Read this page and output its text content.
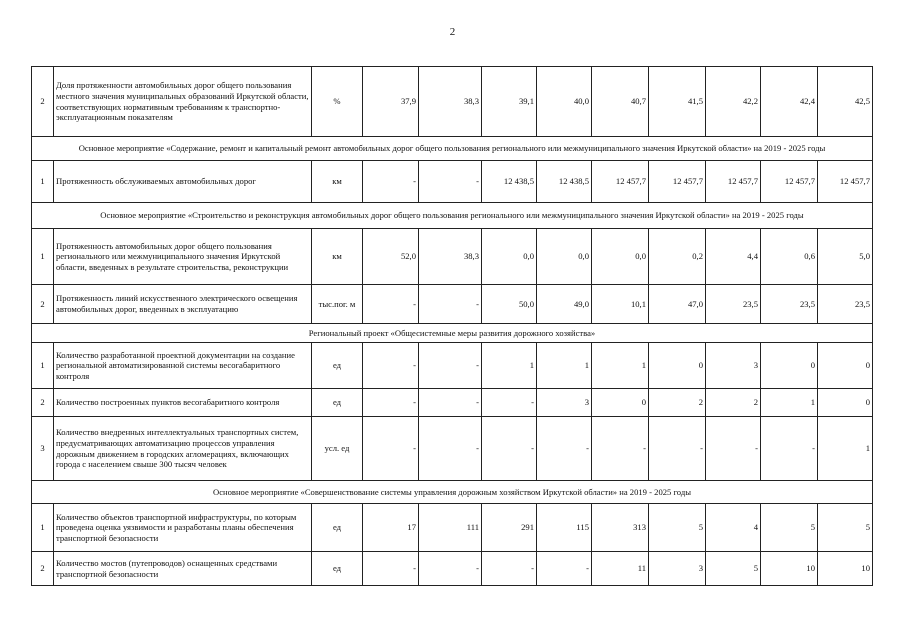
2
2	Доля протяженности автомобильных дорог общего пользования местного значения муниципальных образований Иркутской области, соответствующих нормативным требованиям к транспортно-эксплуатационным показателям	%	37,9	38,3	39,1	40,0	40,7	41,5	42,2	42,4	42,5
Основное мероприятие «Содержание, ремонт и капитальный ремонт автомобильных дорог общего пользования регионального или межмуниципального значения Иркутской области» на 2019 - 2025 годы											
1	Протяженность обслуживаемых автомобильных дорог	км	-	-	12 438,5	12 438,5	12 457,7	12 457,7	12 457,7	12 457,7	12 457,7
Основное мероприятие «Строительство и реконструкция автомобильных дорог общего пользования регионального или межмуниципального значения Иркутской области» на 2019 - 2025 годы											
1	Протяженность автомобильных дорог общего пользования регионального или межмуниципального значения Иркутской области, введенных в результате строительства, реконструкции	км	52,0	38,3	0,0	0,0	0,0	0,2	4,4	0,6	5,0
2	Протяженность линий искусственного электрического освещения автомобильных дорог, введенных в эксплуатацию	тыс.пог. м	-	-	50,0	49,0	10,1	47,0	23,5	23,5	23,5
Региональный проект «Общесистемные меры развития дорожного хозяйства»											
1	Количество разработанной проектной документации на создание региональной автоматизированной системы весогабаритного контроля	ед	-	-	1	1	1	0	3	0	0
2	Количество построенных пунктов весогабаритного контроля	ед	-	-	-	3	0	2	2	1	0
3	Количество внедренных интеллектуальных транспортных систем, предусматривающих автоматизацию процессов управления дорожным движением в городских агломерациях, включающих города с населением свыше 300 тысяч человек	усл. ед	-	-	-	-	-	-	-	-	1
Основное мероприятие «Совершенствование системы управления дорожным хозяйством Иркутской области» на 2019 - 2025 годы											
1	Количество объектов транспортной инфраструктуры, по которым проведена оценка уязвимости и разработаны планы обеспечения транспортной безопасности	ед	17	111	291	115	313	5	4	5	5
2	Количество мостов (путепроводов) оснащенных средствами транспортной безопасности	ед	-	-	-	-	11	3	5	10	10
